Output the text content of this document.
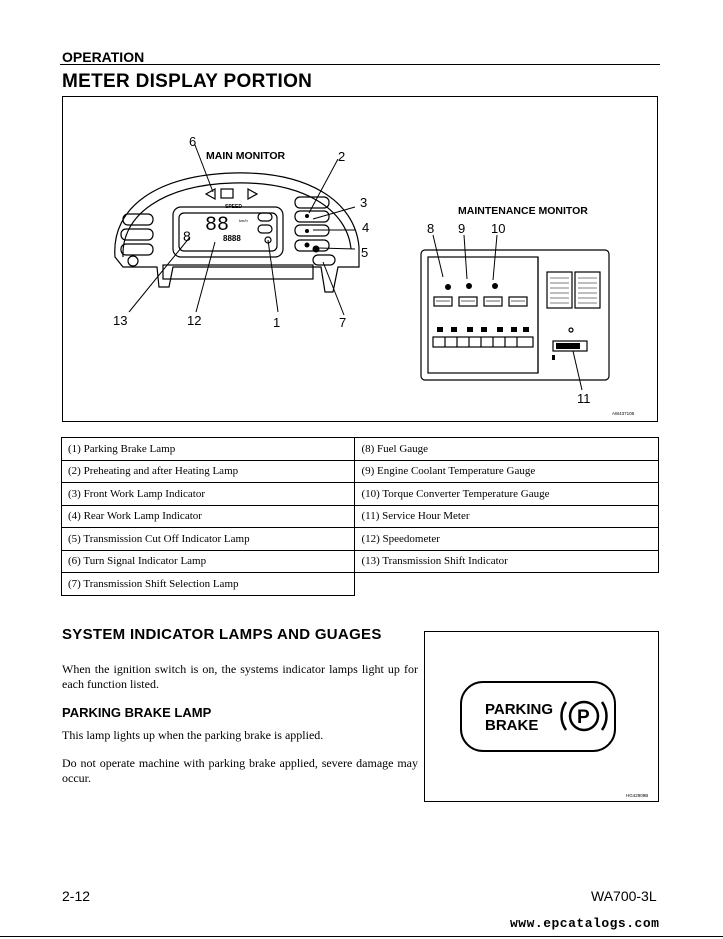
OPERATION
METER DISPLAY PORTION
SPEED
88
8888
km/h
8
MAIN MONITOR
6
2
3
4
5
13	12	1	7
MAINTENANCE MONITOR
8 9 10
11
AW437108
(1) Parking Brake Lamp	(8) Fuel Gauge
(2) Preheating and after Heating Lamp	(9) Engine Coolant Temperature Gauge
(3) Front Work Lamp Indicator	(10) Torque Converter Temperature Gauge
(4) Rear Work Lamp Indicator	(11) Service Hour Meter
(5) Transmission Cut Off Indicator Lamp	(12) Speedometer
(6) Turn Signal Indicator Lamp	(13) Transmission Shift Indicator
(7) Transmission Shift Selection Lamp	
SYSTEM INDICATOR LAMPS AND GUAGES
When the ignition switch is on, the systems indicator lamps light up for each function listed.
PARKING BRAKE LAMP
This lamp lights up when the parking brake is applied.
Do not operate machine with parking brake applied, severe damage may occur.
PARKING
BRAKE P
HG42909B
2-12	WA700-3L
www.epcatalogs.com
